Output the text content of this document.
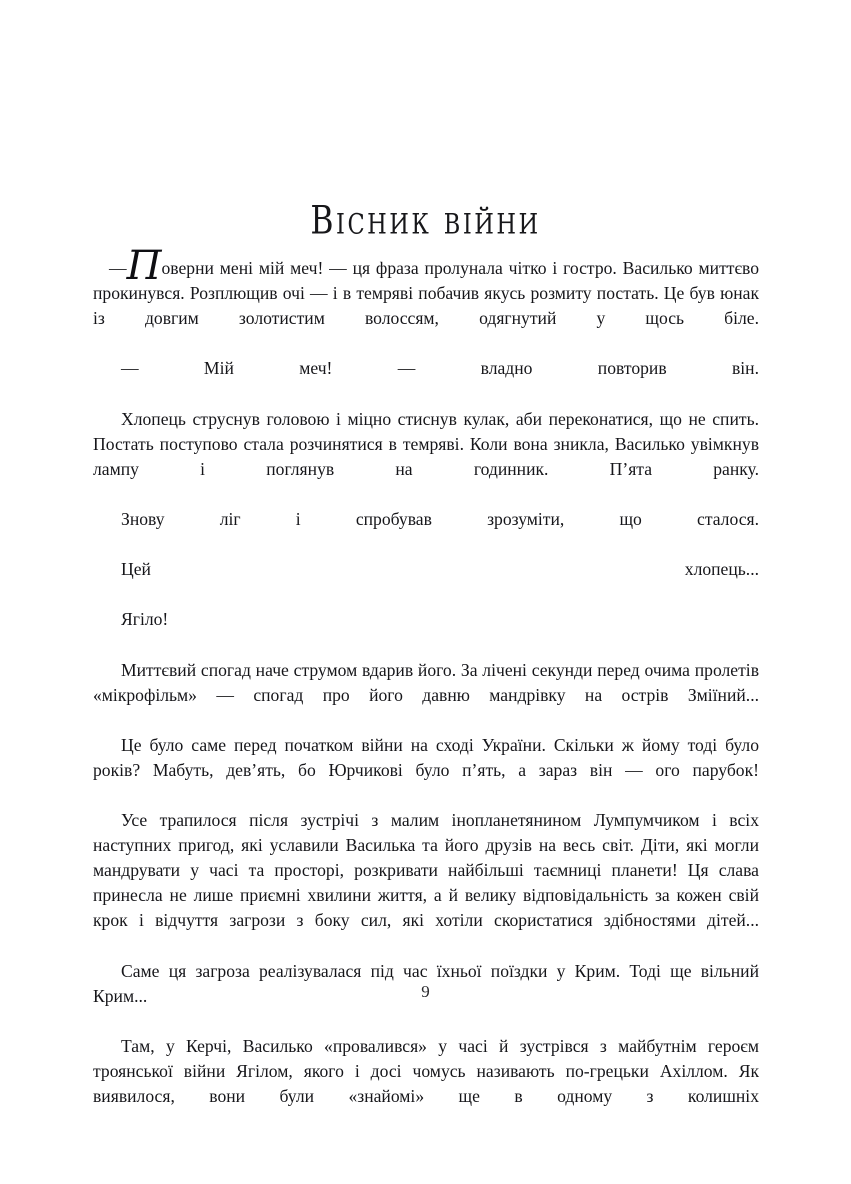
Вісник війни

—Поверни мені мій меч! — ця фраза пролунала чітко і гостро. Василько миттєво прокинувся. Розплющив очі — і в темряві побачив якусь розмиту постать. Це був юнак із довгим золотистим волоссям, одягнутий у щось біле.

— Мій меч! — владно повторив він.

Хлопець струснув головою і міцно стиснув кулак, аби переконатися, що не спить. Постать поступово стала розчинятися в темряві. Коли вона зникла, Василько увімкнув лампу і поглянув на годинник. П’ята ранку.

Знову ліг і спробував зрозуміти, що сталося.

Цей хлопець...

Ягіло!

Миттєвий спогад наче струмом вдарив його. За лічені секунди перед очима пролетів «мікрофільм» — спогад про його давню мандрівку на острів Зміїний...

Це було саме перед початком війни на сході України. Скільки ж йому тоді було років? Мабуть, дев’ять, бо Юрчикові було п’ять, а зараз він — ого парубок!

Усе трапилося після зустрічі з малим інопланетянином Лумпумчиком і всіх наступних пригод, які уславили Василька та його друзів на весь світ. Діти, які могли мандрувати у часі та просторі, розкривати найбільші таємниці планети! Ця слава принесла не лише приємні хвилини життя, а й велику відповідальність за кожен свій крок і відчуття загрози з боку сил, які хотіли скористатися здібностями дітей...

Саме ця загроза реалізувалася під час їхньої поїздки у Крим. Тоді ще вільний Крим...

Там, у Керчі, Василько «провалився» у часі й зустрівся з майбутнім героєм троянської війни Ягілом, якого і досі чомусь називають по-грецьки Ахіллом. Як виявилося, вони були «знайомі» ще в одному з колишніх

9
